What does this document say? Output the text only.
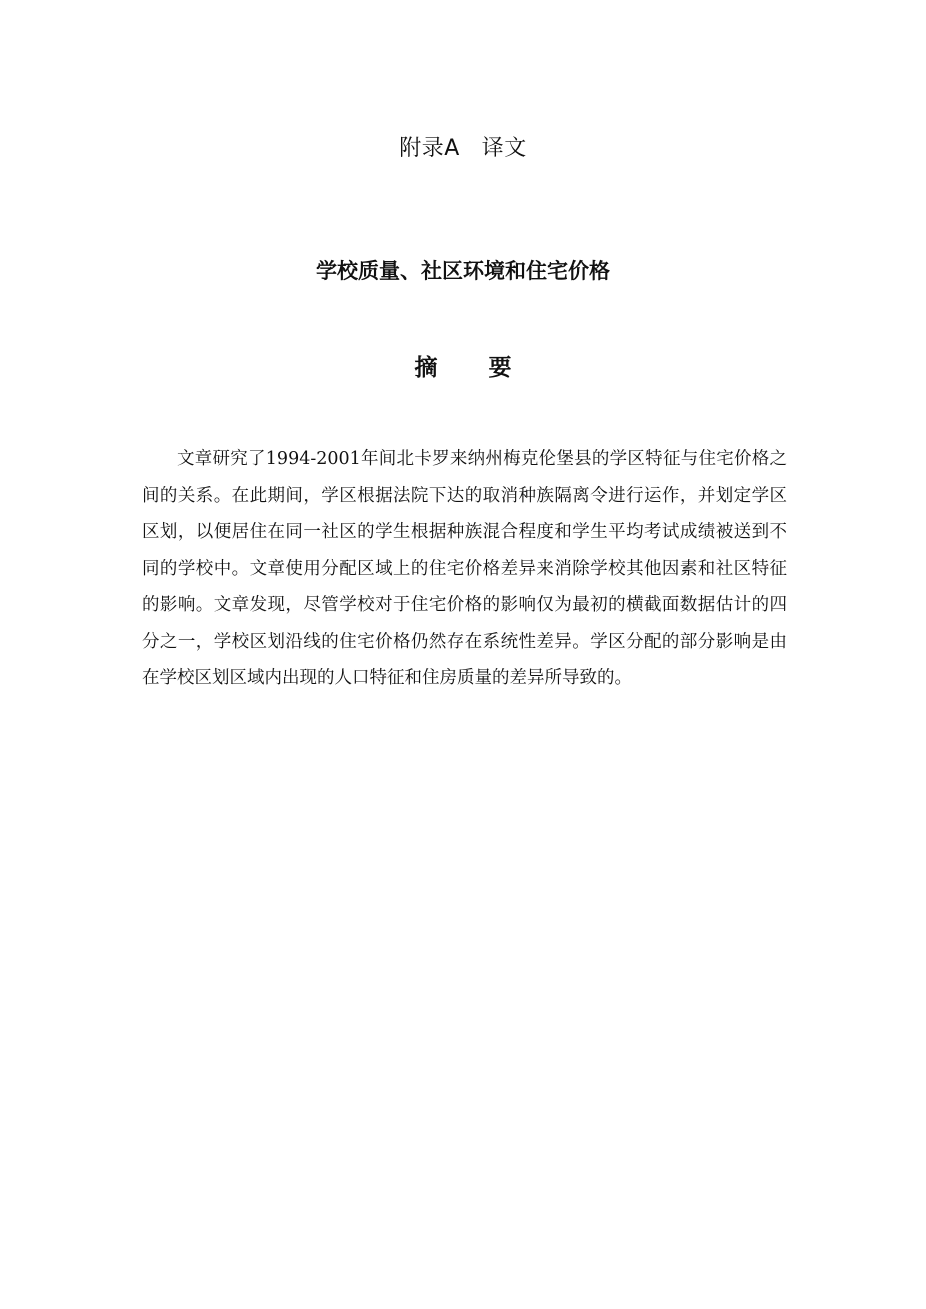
附录A 译文
学校质量、社区环境和住宅价格
摘　要

文章研究了1994-2001年间北卡罗来纳州梅克伦堡县的学区特征与住宅价格之间的关系。在此期间，学区根据法院下达的取消种族隔离令进行运作，并划定学区区划，以便居住在同一社区的学生根据种族混合程度和学生平均考试成绩被送到不同的学校中。文章使用分配区域上的住宅价格差异来消除学校其他因素和社区特征的影响。文章发现，尽管学校对于住宅价格的影响仅为最初的横截面数据估计的四分之一，学校区划沿线的住宅价格仍然存在系统性差异。学区分配的部分影响是由在学校区划区域内出现的人口特征和住房质量的差异所导致的。
